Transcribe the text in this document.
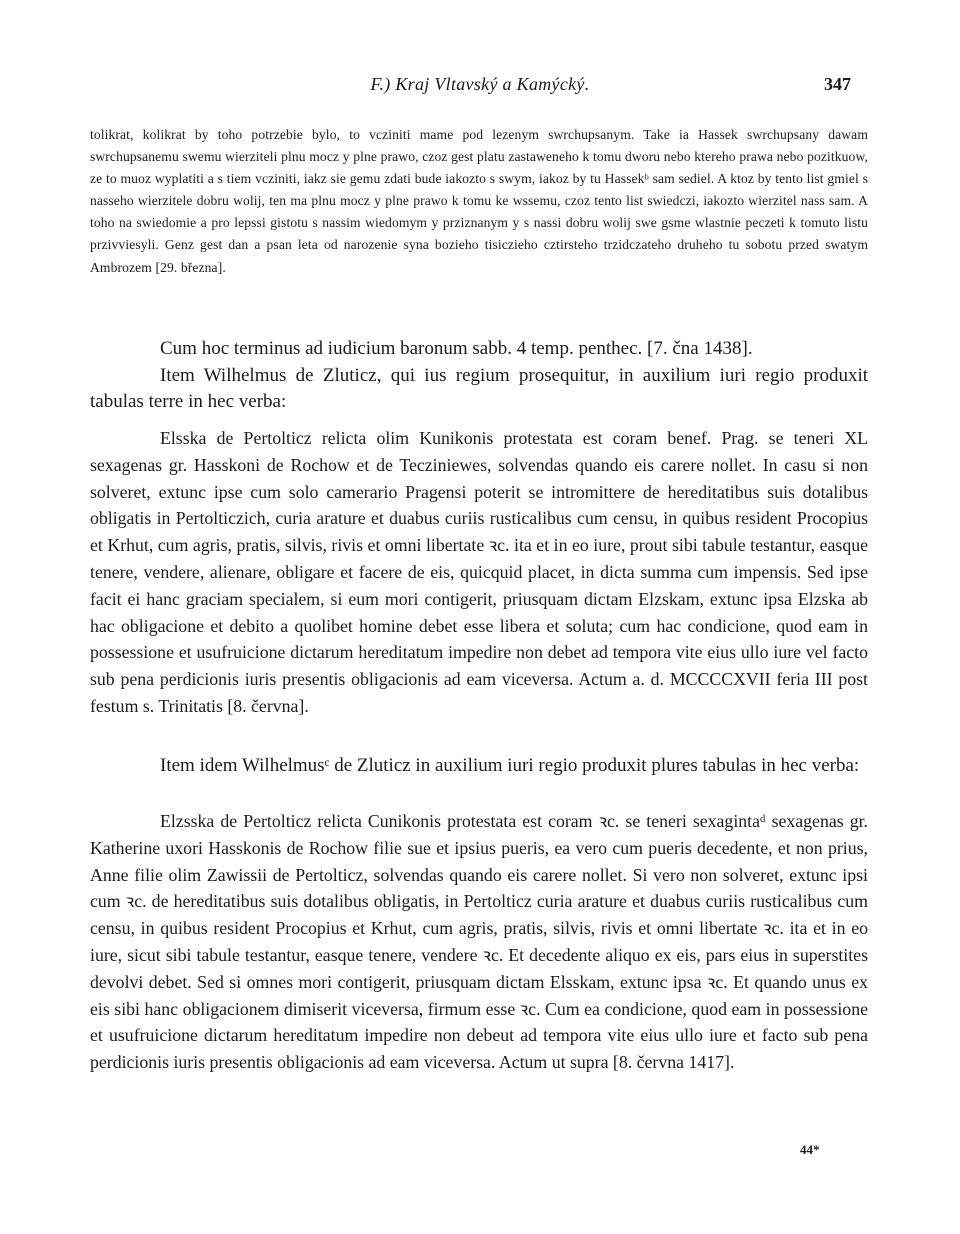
F.) Kraj Vltavský a Kamýcký.	347

tolikrat, kolikrat by toho potrzebie bylo, to vcziniti mame pod lezenym swrchupsanym. Take ia Hassek swrchupsany dawam swrchupsanemu swemu wierziteli plnu mocz y plne prawo, czoz gest platu zastaweneho k tomu dworu nebo ktereho prawa nebo pozitkuow, ze to muoz wyplatiti a s tiem vcziniti, iakz sie gemu zdati bude iakozto s swym, iakoz by tu Hassekᵇ sam sediel. A ktoz by tento list gmiel s nasseho wierzitele dobru wolij, ten ma plnu mocz y plne prawo k tomu ke wssemu, czoz tento list swiedczi, iakozto wierzitel nass sam. A toho na swiedomie a pro lepssi gistotu s nassim wiedomym y prziznanym y s nassi dobru wolij swe gsme wlastnie peczeti k tomuto listu przivviesyli. Genz gest dan a psan leta od narozenie syna bozieho tisiczieho cztirsteho trzidczateho druheho tu sobotu przed swatym Ambrozem [29. března].

Cum hoc terminus ad iudicium baronum sabb. 4 temp. penthec. [7. čna 1438].

Item Wilhelmus de Zluticz, qui ius regium prosequitur, in auxilium iuri regio produxit tabulas terre in hec verba:

Elsska de Pertolticz relicta olim Kunikonis protestata est coram benef. Prag. se teneri XL sexagenas gr. Hasskoni de Rochow et de Tecziniewes, solvendas quando eis carere nollet. In casu si non solveret, extunc ipse cum solo camerario Pragensi poterit se intromittere de hereditatibus suis dotalibus obligatis in Pertolticzich, curia arature et duabus curiis rusticalibus cum censu, in quibus resident Procopius et Krhut, cum agris, pratis, silvis, rivis et omni libertate ꝛc. ita et in eo iure, prout sibi tabule testantur, easque tenere, vendere, alienare, obligare et facere de eis, quicquid placet, in dicta summa cum impensis. Sed ipse facit ei hanc graciam specialem, si eum mori contigerit, priusquam dictam Elzskam, extunc ipsa Elzska ab hac obligacione et debito a quolibet homine debet esse libera et soluta; cum hac condicione, quod eam in possessione et usufruicione dictarum hereditatum impedire non debet ad tempora vite eius ullo iure vel facto sub pena perdicionis iuris presentis obligacionis ad eam viceversa. Actum a. d. MCCCCXVII feria III post festum s. Trinitatis [8. června].

Item idem Wilhelmusᶜ de Zluticz in auxilium iuri regio produxit plures tabulas in hec verba:

Elzsska de Pertolticz relicta Cunikonis protestata est coram ꝛc. se teneri sexagintaᵈ sexagenas gr. Katherine uxori Hasskonis de Rochow filie sue et ipsius pueris, ea vero cum pueris decedente, et non prius, Anne filie olim Zawissii de Pertolticz, solvendas quando eis carere nollet. Si vero non solveret, extunc ipsi cum ꝛc. de hereditatibus suis dotalibus obligatis, in Pertolticz curia arature et duabus curiis rusticalibus cum censu, in quibus resident Procopius et Krhut, cum agris, pratis, silvis, rivis et omni libertate ꝛc. ita et in eo iure, sicut sibi tabule testantur, easque tenere, vendere ꝛc. Et decedente aliquo ex eis, pars eius in superstites devolvi debet. Sed si omnes mori contigerit, priusquam dictam Elsskam, extunc ipsa ꝛc. Et quando unus ex eis sibi hanc obligacionem dimiserit viceversa, firmum esse ꝛc. Cum ea condicione, quod eam in possessione et usufruicione dictarum hereditatum impedire non debeut ad tempora vite eius ullo iure et facto sub pena perdicionis iuris presentis obligacionis ad eam viceversa. Actum ut supra [8. června 1417].

44*
